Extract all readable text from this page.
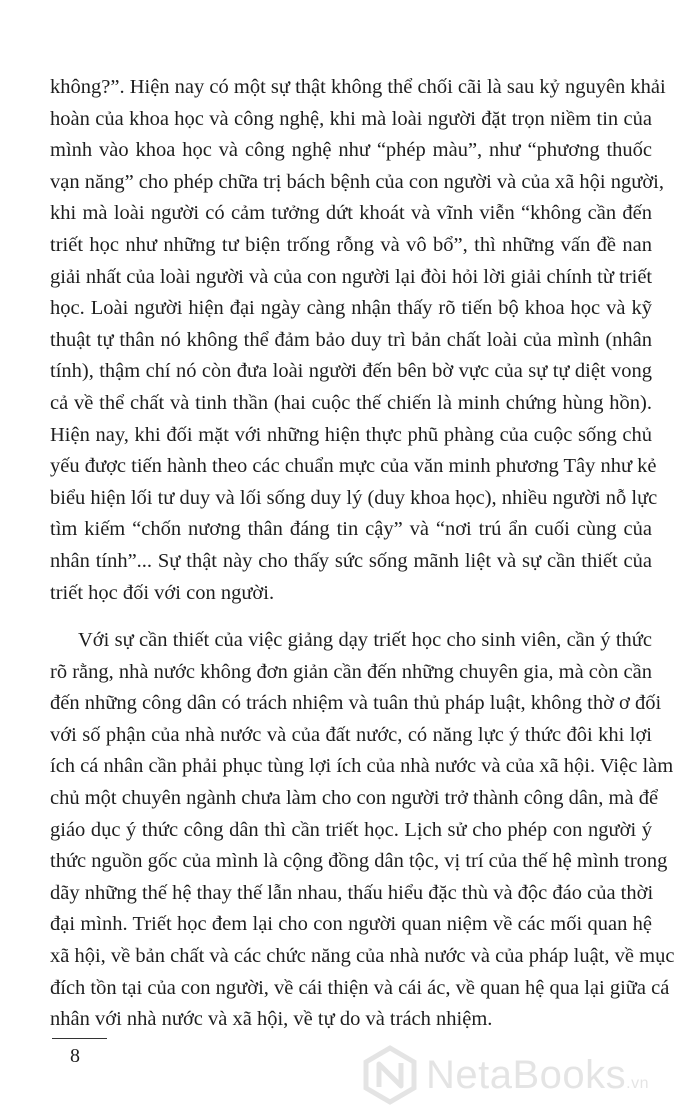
không?”. Hiện nay có một sự thật không thể chối cãi là sau kỷ nguyên khải
hoàn của khoa học và công nghệ, khi mà loài người đặt trọn niềm tin của
mình vào khoa học và công nghệ như “phép màu”, như “phương thuốc
vạn năng” cho phép chữa trị bách bệnh của con người và của xã hội người,
khi mà loài người có cảm tưởng dứt khoát và vĩnh viễn “không cần đến
triết học như những tư biện trống rỗng và vô bổ”, thì những vấn đề nan
giải nhất của loài người và của con người lại đòi hỏi lời giải chính từ triết
học. Loài người hiện đại ngày càng nhận thấy rõ tiến bộ khoa học và kỹ
thuật tự thân nó không thể đảm bảo duy trì bản chất loài của mình (nhân
tính), thậm chí nó còn đưa loài người đến bên bờ vực của sự tự diệt vong
cả về thể chất và tinh thần (hai cuộc thế chiến là minh chứng hùng hồn).
Hiện nay, khi đối mặt với những hiện thực phũ phàng của cuộc sống chủ
yếu được tiến hành theo các chuẩn mực của văn minh phương Tây như kẻ
biểu hiện lối tư duy và lối sống duy lý (duy khoa học), nhiều người nỗ lực
tìm kiếm “chốn nương thân đáng tin cậy” và “nơi trú ẩn cuối cùng của
nhân tính”... Sự thật này cho thấy sức sống mãnh liệt và sự cần thiết của
triết học đối với con người.
Với sự cần thiết của việc giảng dạy triết học cho sinh viên, cần ý thức
rõ rằng, nhà nước không đơn giản cần đến những chuyên gia, mà còn cần
đến những công dân có trách nhiệm và tuân thủ pháp luật, không thờ ơ đối
với số phận của nhà nước và của đất nước, có năng lực ý thức đôi khi lợi
ích cá nhân cần phải phục tùng lợi ích của nhà nước và của xã hội. Việc làm
chủ một chuyên ngành chưa làm cho con người trở thành công dân, mà để
giáo dục ý thức công dân thì cần triết học. Lịch sử cho phép con người ý
thức nguồn gốc của mình là cộng đồng dân tộc, vị trí của thế hệ mình trong
dãy những thế hệ thay thế lẫn nhau, thấu hiểu đặc thù và độc đáo của thời
đại mình. Triết học đem lại cho con người quan niệm về các mối quan hệ
xã hội, về bản chất và các chức năng của nhà nước và của pháp luật, về mục
đích tồn tại của con người, về cái thiện và cái ác, về quan hệ qua lại giữa cá
nhân với nhà nước và xã hội, về tự do và trách nhiệm.
8	NetaBooks.vn
